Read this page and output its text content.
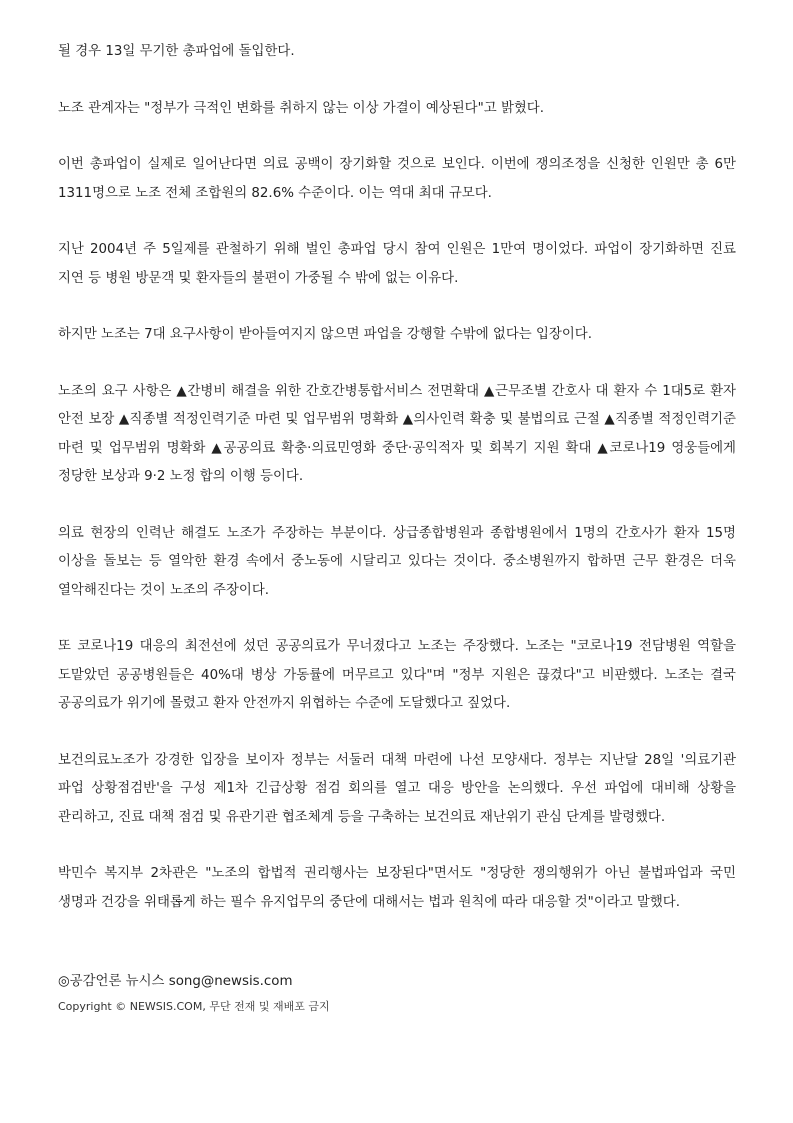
될 경우 13일 무기한 총파업에 돌입한다.

노조 관계자는 "정부가 극적인 변화를 취하지 않는 이상 가결이 예상된다"고 밝혔다.

이번 총파업이 실제로 일어난다면 의료 공백이 장기화할 것으로 보인다. 이번에 쟁의조정을 신청한 인원만 총 6만 1311명으로 노조 전체 조합원의 82.6% 수준이다. 이는 역대 최대 규모다.

지난 2004년 주 5일제를 관철하기 위해 벌인 총파업 당시 참여 인원은 1만여 명이었다. 파업이 장기화하면 진료 지연 등 병원 방문객 및 환자들의 불편이 가중될 수 밖에 없는 이유다.

하지만 노조는 7대 요구사항이 받아들여지지 않으면 파업을 강행할 수밖에 없다는 입장이다.

노조의 요구 사항은 ▲간병비 해결을 위한 간호간병통합서비스 전면확대 ▲근무조별 간호사 대 환자 수 1대5로 환자 안전 보장 ▲직종별 적정인력기준 마련 및 업무범위 명확화 ▲의사인력 확충 및 불법의료 근절 ▲직종별 적정인력기준 마련 및 업무범위 명확화 ▲공공의료 확충·의료민영화 중단·공익적자 및 회복기 지원 확대 ▲코로나19 영웅들에게 정당한 보상과 9·2 노정 합의 이행 등이다.

의료 현장의 인력난 해결도 노조가 주장하는 부분이다. 상급종합병원과 종합병원에서 1명의 간호사가 환자 15명 이상을 돌보는 등 열악한 환경 속에서 중노동에 시달리고 있다는 것이다. 중소병원까지 합하면 근무 환경은 더욱 열악해진다는 것이 노조의 주장이다.

또 코로나19 대응의 최전선에 섰던 공공의료가 무너졌다고 노조는 주장했다. 노조는 "코로나19 전담병원 역할을 도맡았던 공공병원들은 40%대 병상 가동률에 머무르고 있다"며 "정부 지원은 끊겼다"고 비판했다. 노조는 결국 공공의료가 위기에 몰렸고 환자 안전까지 위협하는 수준에 도달했다고 짚었다.

보건의료노조가 강경한 입장을 보이자 정부는 서둘러 대책 마련에 나선 모양새다. 정부는 지난달 28일 '의료기관 파업 상황점검반'을 구성 제1차 긴급상황 점검 회의를 열고 대응 방안을 논의했다. 우선 파업에 대비해 상황을 관리하고, 진료 대책 점검 및 유관기관 협조체계 등을 구축하는 보건의료 재난위기 관심 단계를 발령했다.

박민수 복지부 2차관은 "노조의 합법적 권리행사는 보장된다"면서도 "정당한 쟁의행위가 아닌 불법파업과 국민 생명과 건강을 위태롭게 하는 필수 유지업무의 중단에 대해서는 법과 원칙에 따라 대응할 것"이라고 말했다.

◎공감언론 뉴시스 song@newsis.com

Copyright © NEWSIS.COM, 무단 전재 및 재배포 금지
